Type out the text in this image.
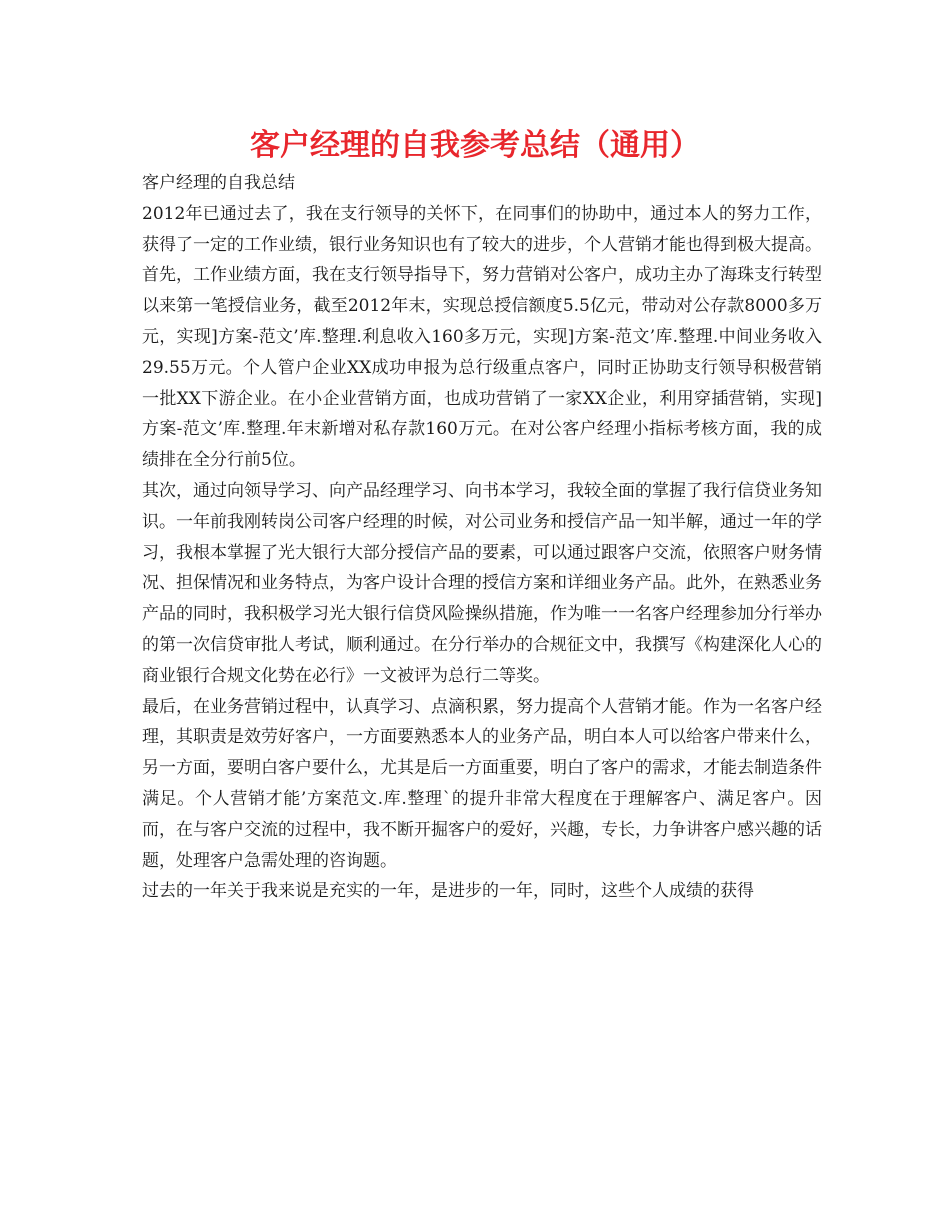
客户经理的自我参考总结（通用）

客户经理的自我总结

2012年已通过去了，我在支行领导的关怀下，在同事们的协助中，通过本人的努力工作，获得了一定的工作业绩，银行业务知识也有了较大的进步，个人营销才能也得到极大提高。

首先，工作业绩方面，我在支行领导指导下，努力营销对公客户，成功主办了海珠支行转型以来第一笔授信业务，截至2012年末，实现总授信额度5.5亿元，带动对公存款8000多万元，实现]方案-范文’库.整理.利息收入160多万元，实现]方案-范文’库.整理.中间业务收入29.55万元。个人管户企业XX成功申报为总行级重点客户，同时正协助支行领导积极营销一批XX下游企业。在小企业营销方面，也成功营销了一家XX企业，利用穿插营销，实现]方案-范文’库.整理.年末新增对私存款160万元。在对公客户经理小指标考核方面，我的成绩排在全分行前5位。

其次，通过向领导学习、向产品经理学习、向书本学习，我较全面的掌握了我行信贷业务知识。一年前我刚转岗公司客户经理的时候，对公司业务和授信产品一知半解，通过一年的学习，我根本掌握了光大银行大部分授信产品的要素，可以通过跟客户交流，依照客户财务情况、担保情况和业务特点，为客户设计合理的授信方案和详细业务产品。此外，在熟悉业务产品的同时，我积极学习光大银行信贷风险操纵措施，作为唯一一名客户经理参加分行举办的第一次信贷审批人考试，顺利通过。在分行举办的合规征文中，我撰写《构建深化人心的商业银行合规文化势在必行》一文被评为总行二等奖。

最后，在业务营销过程中，认真学习、点滴积累，努力提高个人营销才能。作为一名客户经理，其职责是效劳好客户，一方面要熟悉本人的业务产品，明白本人可以给客户带来什么，另一方面，要明白客户要什么，尤其是后一方面重要，明白了客户的需求，才能去制造条件满足。个人营销才能’方案范文.库.整理`的提升非常大程度在于理解客户、满足客户。因而，在与客户交流的过程中，我不断开掘客户的爱好，兴趣，专长，力争讲客户感兴趣的话题，处理客户急需处理的咨询题。

过去的一年关于我来说是充实的一年，是进步的一年，同时，这些个人成绩的获得
